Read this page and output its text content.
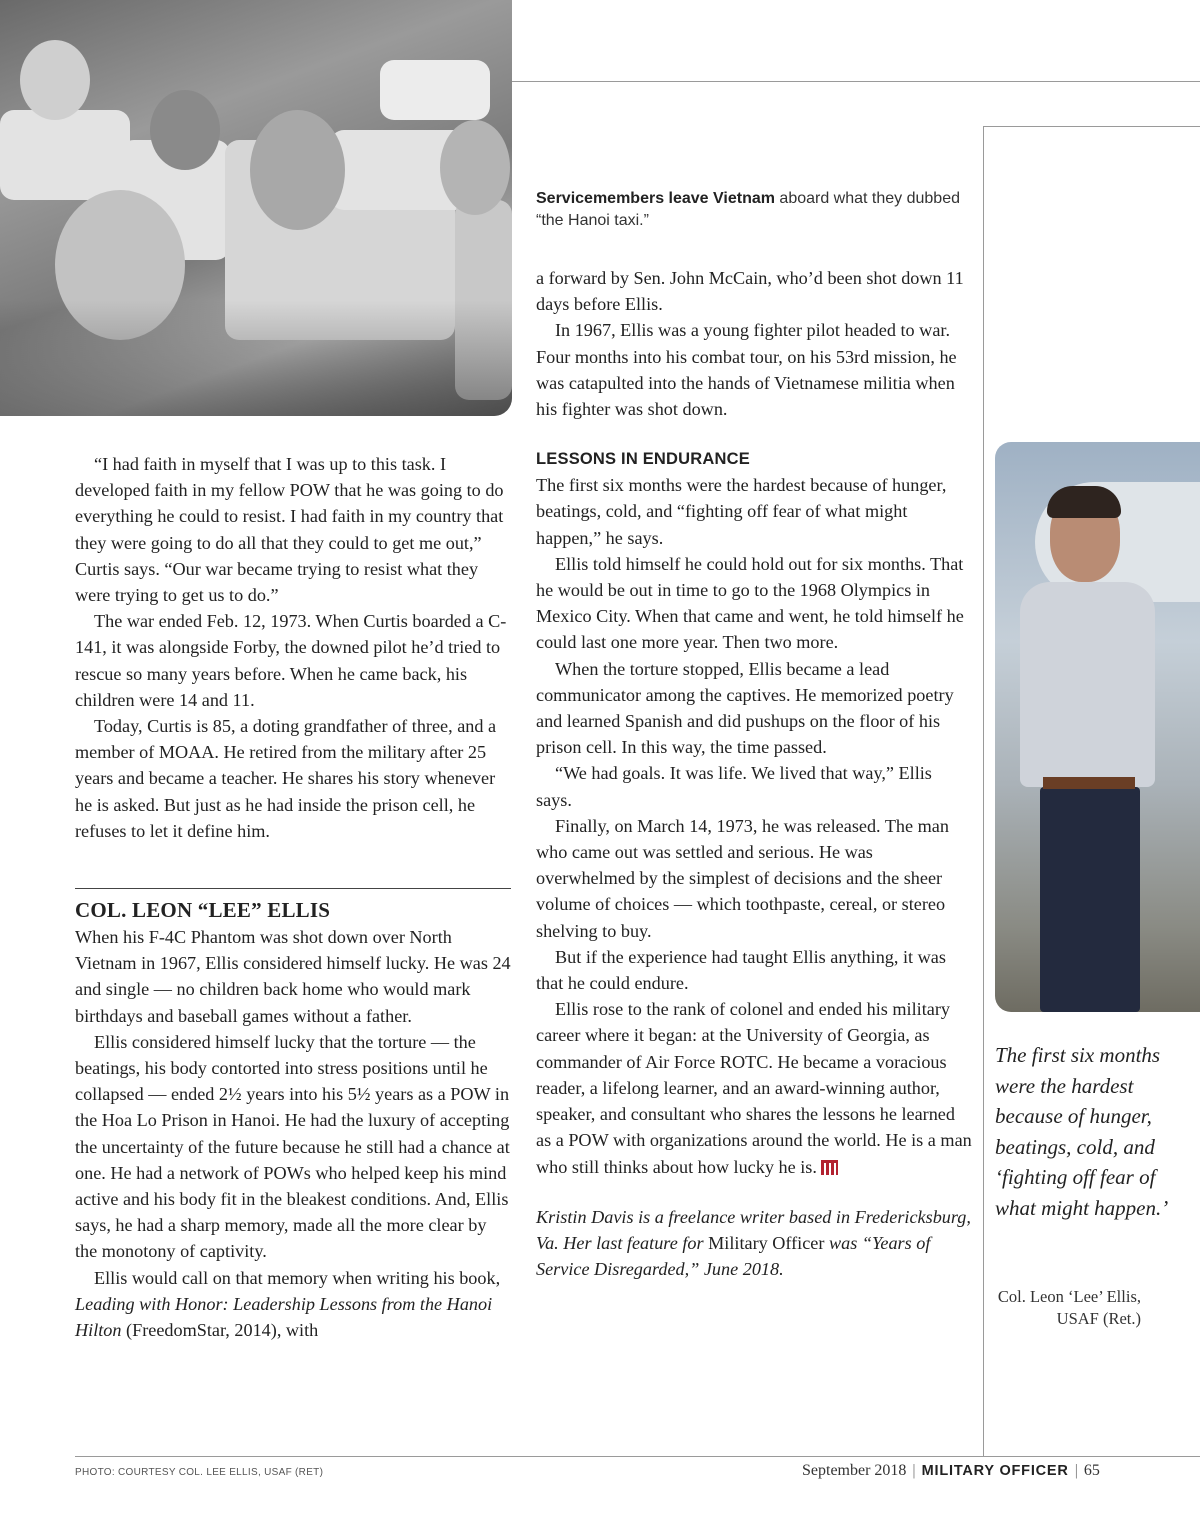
Servicemembers leave Vietnam aboard what they dubbed “the Hanoi taxi.”

“I had faith in myself that I was up to this task. I developed faith in my fellow POW that he was going to do everything he could to resist. I had faith in my country that they were going to do all that they could to get me out,” Curtis says. “Our war became trying to resist what they were trying to get us to do.”

The war ended Feb. 12, 1973. When Curtis boarded a C-141, it was alongside Forby, the downed pilot he’d tried to rescue so many years before. When he came back, his children were 14 and 11.

Today, Curtis is 85, a doting grandfather of three, and a member of MOAA. He retired from the military after 25 years and became a teacher. He shares his story whenever he is asked. But just as he had inside the prison cell, he refuses to let it define him.

COL. LEON “LEE” ELLIS

When his F-4C Phantom was shot down over North Vietnam in 1967, Ellis considered himself lucky. He was 24 and single — no children back home who would mark birthdays and baseball games without a father.

Ellis considered himself lucky that the torture — the beatings, his body contorted into stress positions until he collapsed — ended 2½ years into his 5½ years as a POW in the Hoa Lo Prison in Hanoi. He had the luxury of accepting the uncertainty of the future because he still had a chance at one. He had a network of POWs who helped keep his mind active and his body fit in the bleakest conditions. And, Ellis says, he had a sharp memory, made all the more clear by the monotony of captivity.

Ellis would call on that memory when writing his book, Leading with Honor: Leadership Lessons from the Hanoi Hilton (FreedomStar, 2014), with

a forward by Sen. John McCain, who’d been shot down 11 days before Ellis.

In 1967, Ellis was a young fighter pilot headed to war. Four months into his combat tour, on his 53rd mission, he was catapulted into the hands of Vietnamese militia when his fighter was shot down.

LESSONS IN ENDURANCE

The first six months were the hardest because of hunger, beatings, cold, and “fighting off fear of what might happen,” he says.

Ellis told himself he could hold out for six months. That he would be out in time to go to the 1968 Olympics in Mexico City. When that came and went, he told himself he could last one more year. Then two more.

When the torture stopped, Ellis became a lead communicator among the captives. He memorized poetry and learned Spanish and did pushups on the floor of his prison cell. In this way, the time passed.

“We had goals. It was life. We lived that way,” Ellis says.

Finally, on March 14, 1973, he was released. The man who came out was settled and serious. He was overwhelmed by the simplest of decisions and the sheer volume of choices — which toothpaste, cereal, or stereo shelving to buy.

But if the experience had taught Ellis anything, it was that he could endure.

Ellis rose to the rank of colonel and ended his military career where it began: at the University of Georgia, as commander of Air Force ROTC. He became a voracious reader, a lifelong learner, and an award-winning author, speaker, and consultant who shares the lessons he learned as a POW with organizations around the world. He is a man who still thinks about how lucky he is.

Kristin Davis is a freelance writer based in Fredericksburg, Va. Her last feature for Military Officer was “Years of Service Disregarded,” June 2018.

The first six months were the hardest because of hunger, beatings, cold, and ‘fighting off fear of what might happen.’
Col. Leon ‘Lee’ Ellis, USAF (Ret.)
PHOTO: COURTESY COL. LEE ELLIS, USAF (RET)	September 2018 | MILITARY OFFICER | 65
